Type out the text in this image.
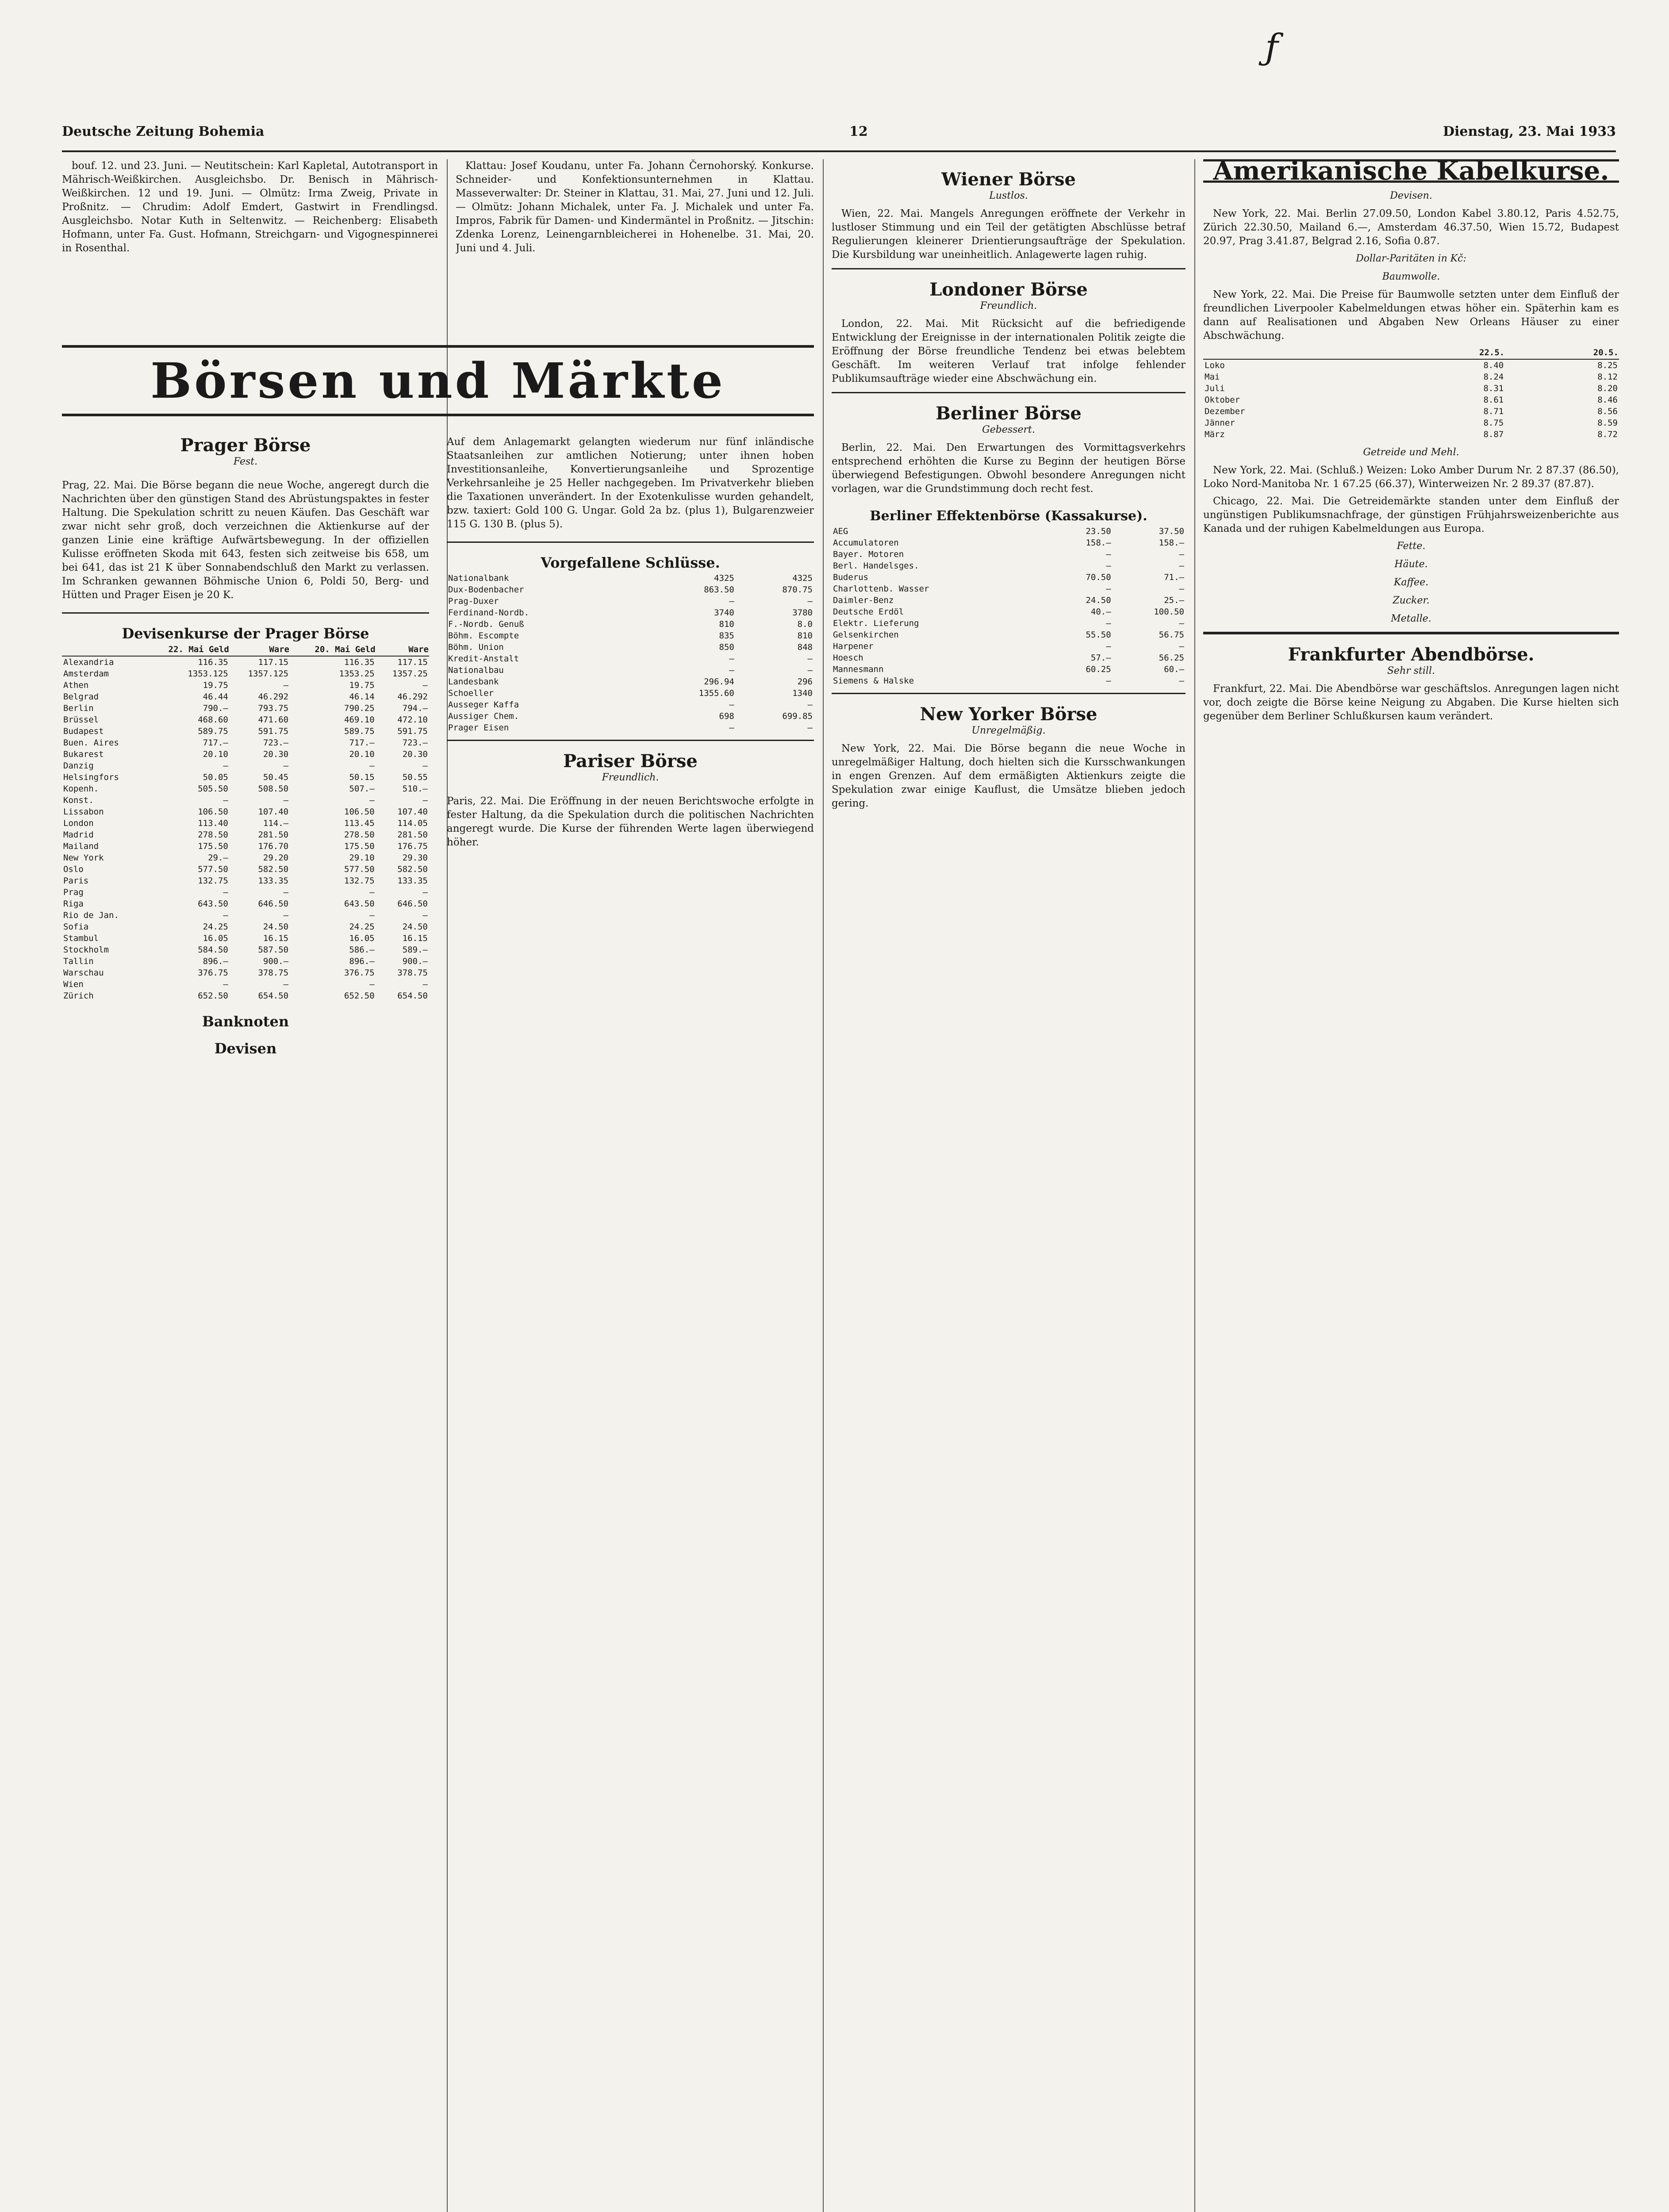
ƒ
Deutsche Zeitung Bohemia	12	Dienstag, 23. Mai 1933

bouf. 12. und 23. Juni. — Neutitschein: Karl Kapletal, Autotransport in Mährisch-Weißkirchen. Ausgleichsbo. Dr. Benisch in Mährisch-Weißkirchen. 12 und 19. Juni. — Olmütz: Irma Zweig, Private in Proßnitz. — Chrudim: Adolf Emdert, Gastwirt in Frendlingsd. Ausgleichsbo. Notar Kuth in Seltenwitz. — Reichenberg: Elisabeth Hofmann, unter Fa. Gust. Hofmann, Streichgarn- und Vigognespinnerei in Rosenthal.

Klattau: Josef Koudanu, unter Fa. Johann Černohorský. Konkurse. Schneider- und Konfektionsunternehmen in Klattau. Masseverwalter: Dr. Steiner in Klattau, 31. Mai, 27. Juni und 12. Juli. — Olmütz: Johann Michalek, unter Fa. J. Michalek und unter Fa. Impros, Fabrik für Damen- und Kindermäntel in Proßnitz. — Jitschin: Zdenka Lorenz, Leinengarnbleicherei in Hohenelbe. 31. Mai, 20. Juni und 4. Juli.

Börsen und Märkte
Prager Börse
Fest.

Prag, 22. Mai. Die Börse begann die neue Woche, angeregt durch die Nachrichten über den günstigen Stand des Abrüstungspaktes in fester Haltung. Die Spekulation schritt zu neuen Käufen. Das Geschäft war zwar nicht sehr groß, doch verzeichnen die Aktienkurse auf der ganzen Linie eine kräftige Aufwärtsbewegung. In der offiziellen Kulisse eröffneten Skoda mit 643, festen sich zeitweise bis 658, um bei 641, das ist 21 K über Sonnabendschluß den Markt zu verlassen. Im Schranken gewannen Böhmische Union 6, Poldi 50, Berg- und Hütten und Prager Eisen je 20 K.

Devisenkurse der Prager Börse
	22. Mai Geld	Ware	20. Mai Geld	Ware
Alexandria	116.35	117.15	116.35	117.15
Amsterdam	1353.125	1357.125	1353.25	1357.25
Athen	19.75	—	19.75	—
Belgrad	46.44	46.292	46.14	46.292
Berlin	790.—	793.75	790.25	794.—
Brüssel	468.60	471.60	469.10	472.10
Budapest	589.75	591.75	589.75	591.75
Buen. Aires	717.—	723.—	717.—	723.—
Bukarest	20.10	20.30	20.10	20.30
Danzig	—	—	—	—
Helsingfors	50.05	50.45	50.15	50.55
Kopenh.	505.50	508.50	507.—	510.—
Konst.	—	—	—	—
Lissabon	106.50	107.40	106.50	107.40
London	113.40	114.—	113.45	114.05
Madrid	278.50	281.50	278.50	281.50
Mailand	175.50	176.70	175.50	176.75
New York	29.—	29.20	29.10	29.30
Oslo	577.50	582.50	577.50	582.50
Paris	132.75	133.35	132.75	133.35
Prag	—	—	—	—
Riga	643.50	646.50	643.50	646.50
Rio de Jan.	—	—	—	—
Sofia	24.25	24.50	24.25	24.50
Stambul	16.05	16.15	16.05	16.15
Stockholm	584.50	587.50	586.—	589.—
Tallin	896.—	900.—	896.—	900.—
Warschau	376.75	378.75	376.75	378.75
Wien	—	—	—	—
Zürich	652.50	654.50	652.50	654.50
Banknoten
Devisen

Auf dem Anlagemarkt gelangten wiederum nur fünf inländische Staatsanleihen zur amtlichen Notierung; unter ihnen hoben Investitionsanleihe, Konvertierungsanleihe und Sprozentige Verkehrsanleihe je 25 Heller nachgegeben. Im Privatverkehr blieben die Taxationen unverändert. In der Exotenkulisse wurden gehandelt, bzw. taxiert: Gold 100 G. Ungar. Gold 2a bz. (plus 1), Bulgarenzweier 115 G. 130 B. (plus 5).

Vorgefallene Schlüsse.
Nationalbank	4325	4325
Dux-Bodenbacher	863.50	870.75
Prag-Duxer	—	—
Ferdinand-Nordb.	3740	3780
F.-Nordb. Genuß	810	8.0
Böhm. Escompte	835	810
Böhm. Union	850	848
Kredit-Anstalt	—	—
Nationalbau	—	—
Landesbank	296.94	296
Schoeller	1355.60	1340
Ausseger Kaffa	—	—
Aussiger Chem.	698	699.85
Prager Eisen	—	—
Pariser Börse
Freundlich.

Paris, 22. Mai. Die Eröffnung in der neuen Berichtswoche erfolgte in fester Haltung, da die Spekulation durch die politischen Nachrichten angeregt wurde. Die Kurse der führenden Werte lagen überwiegend höher.

Wiener Börse
Lustlos.

Wien, 22. Mai. Mangels Anregungen eröffnete der Verkehr in lustloser Stimmung und ein Teil der getätigten Abschlüsse betraf Regulierungen kleinerer Drientierungsaufträge der Spekulation. Die Kursbildung war uneinheitlich. Anlagewerte lagen ruhig.

Londoner Börse
Freundlich.

London, 22. Mai. Mit Rücksicht auf die befriedigende Entwicklung der Ereignisse in der internationalen Politik zeigte die Eröffnung der Börse freundliche Tendenz bei etwas belebtem Geschäft. Im weiteren Verlauf trat infolge fehlender Publikumsaufträge wieder eine Abschwächung ein.

Berliner Börse
Gebessert.

Berlin, 22. Mai. Den Erwartungen des Vormittagsverkehrs entsprechend erhöhten die Kurse zu Beginn der heutigen Börse überwiegend Befestigungen. Obwohl besondere Anregungen nicht vorlagen, war die Grundstimmung doch recht fest.

Berliner Effektenbörse (Kassakurse).
AEG	23.50	37.50
Accumulatoren	158.—	158.—
Bayer. Motoren	—	—
Berl. Handelsges.	—	—
Buderus	70.50	71.—
Charlottenb. Wasser	—	—
Daimler-Benz	24.50	25.—
Deutsche Erdöl	40.—	100.50
Elektr. Lieferung	—	—
Gelsenkirchen	55.50	56.75
Harpener	—	—
Hoesch	57.—	56.25
Mannesmann	60.25	60.—
Siemens & Halske	—	—
New Yorker Börse
Unregelmäßig.

New York, 22. Mai. Die Börse begann die neue Woche in unregelmäßiger Haltung, doch hielten sich die Kursschwankungen in engen Grenzen. Auf dem ermäßigten Aktienkurs zeigte die Spekulation zwar einige Kauflust, die Umsätze blieben jedoch gering.

Amerikanische Kabelkurse.
Devisen.

New York, 22. Mai. Berlin 27.09.50, London Kabel 3.80.12, Paris 4.52.75, Zürich 22.30.50, Mailand 6.—, Amsterdam 46.37.50, Wien 15.72, Budapest 20.97, Prag 3.41.87, Belgrad 2.16, Sofia 0.87.

Dollar-Paritäten in Kč:
Baumwolle.

New York, 22. Mai. Die Preise für Baumwolle setzten unter dem Einfluß der freundlichen Liverpooler Kabelmeldungen etwas höher ein. Späterhin kam es dann auf Realisationen und Abgaben New Orleans Häuser zu einer Abschwächung.

	22.5.	20.5.
Loko	8.40	8.25
Mai	8.24	8.12
Juli	8.31	8.20
Oktober	8.61	8.46
Dezember	8.71	8.56
Jänner	8.75	8.59
März	8.87	8.72
Getreide und Mehl.

New York, 22. Mai. (Schluß.) Weizen: Loko Amber Durum Nr. 2 87.37 (86.50), Loko Nord-Manitoba Nr. 1 67.25 (66.37), Winterweizen Nr. 2 89.37 (87.87).

Chicago, 22. Mai. Die Getreidemärkte standen unter dem Einfluß der ungünstigen Publikumsnachfrage, der günstigen Frühjahrsweizenberichte aus Kanada und der ruhigen Kabelmeldungen aus Europa.

Fette.
Häute.
Kaffee.
Zucker.
Metalle.
Frankfurter Abendbörse.
Sehr still.

Frankfurt, 22. Mai. Die Abendbörse war geschäftslos. Anregungen lagen nicht vor, doch zeigte die Börse keine Neigung zu Abgaben. Die Kurse hielten sich gegenüber dem Berliner Schlußkursen kaum verändert.
